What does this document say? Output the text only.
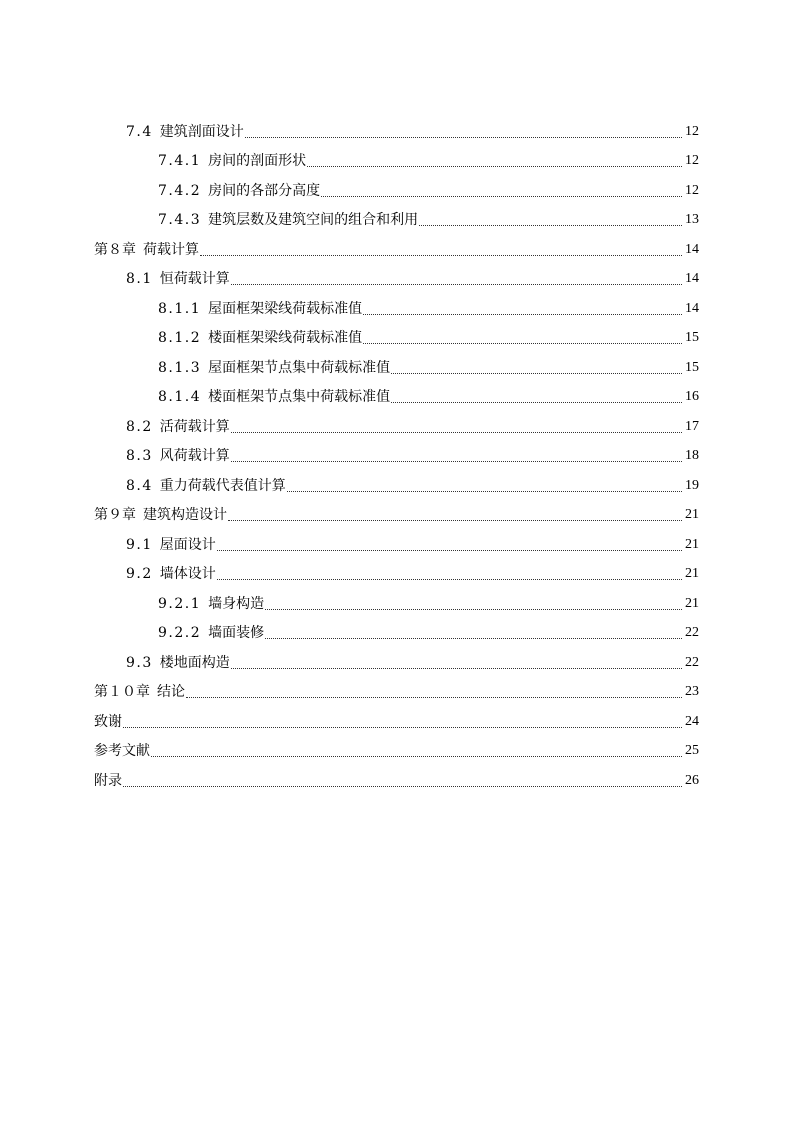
7.4 建筑剖面设计	12
7.4.1 房间的剖面形状	12
7.4.2 房间的各部分高度	12
7.4.3 建筑层数及建筑空间的组合和利用	13
第８章 荷载计算	14
8.1 恒荷载计算	14
8.1.1 屋面框架梁线荷载标准值	14
8.1.2 楼面框架梁线荷载标准值	15
8.1.3 屋面框架节点集中荷载标准值	15
8.1.4 楼面框架节点集中荷载标准值	16
8.2 活荷载计算	17
8.3 风荷载计算	18
8.4 重力荷载代表值计算	19
第９章 建筑构造设计	21
9.1 屋面设计	21
9.2 墙体设计	21
9.2.1 墙身构造	21
9.2.2 墙面装修	22
9.3 楼地面构造	22
第１０章 结论	23
致谢	24
参考文献	25
附录	26
